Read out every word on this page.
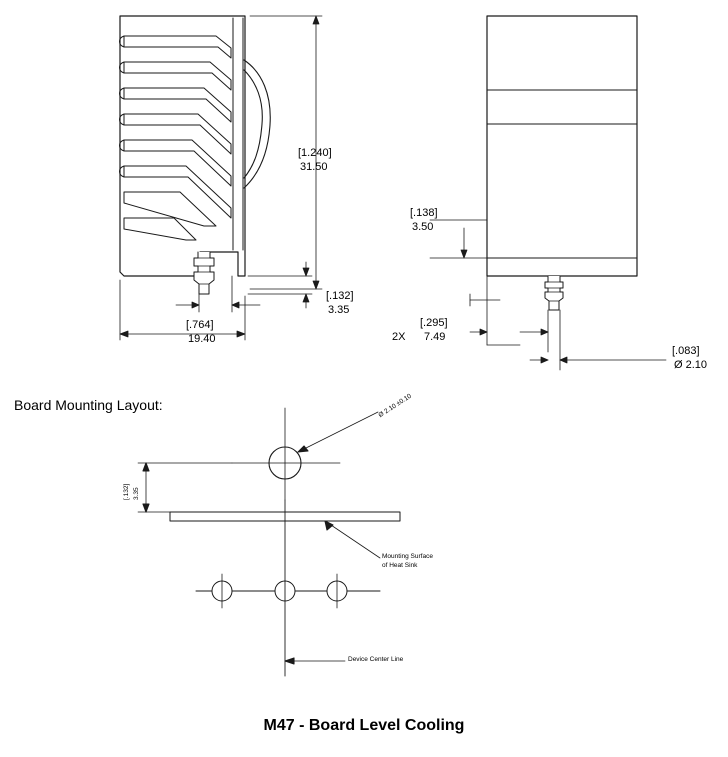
[1.240]
31.50
[.132]
3.35
[.764]
19.40
[.138]
3.50
[.295]
2X 7.49
[.083]
Ø 2.10
Board Mounting Layout:	Ø 2.10 ±0.10
[.132] 3.35
Mounting Surface
of Heat Sink
Device Center Line
M47 - Board Level Cooling
